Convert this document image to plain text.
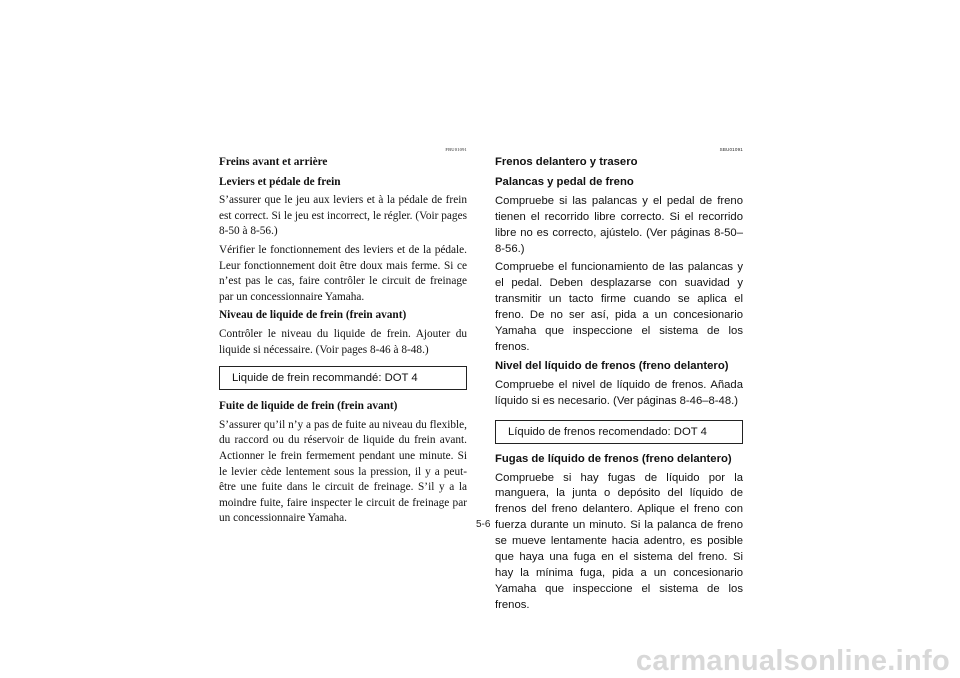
FBU01091
Freins avant et arrière
Leviers et pédale de frein

S’assurer que le jeu aux leviers et à la pédale de frein est correct. Si le jeu est incorrect, le régler. (Voir pages 8-50 à 8-56.)

Vérifier le fonctionnement des leviers et de la pédale. Leur fonctionnement doit être doux mais ferme. Si ce n’est pas le cas, faire contrôler le circuit de freinage par un concessionnaire Yamaha.

Niveau de liquide de frein (frein avant)

Contrôler le niveau du liquide de frein. Ajouter du liquide si nécessaire. (Voir pages 8-46 à 8-48.)

Liquide de frein recommandé: DOT 4
Fuite de liquide de frein (frein avant)

S’assurer qu’il n’y a pas de fuite au niveau du flexible, du raccord ou du réservoir de liquide du frein avant. Actionner le frein fermement pendant une minute. Si le levier cède lentement sous la pression, il y a peut-être une fuite dans le circuit de freinage. S’il y a la moindre fuite, faire inspecter le circuit de freinage par un concessionnaire Yamaha.

SBU01091
Frenos delantero y trasero
Palancas y pedal de freno

Compruebe si las palancas y el pedal de freno tienen el recorrido libre correcto. Si el recorrido libre no es correcto, ajústelo. (Ver páginas 8-50–8-56.)

Compruebe el funcionamiento de las palancas y el pedal. Deben desplazarse con suavidad y transmitir un tacto firme cuando se aplica el freno. De no ser así, pida a un concesionario Yamaha que inspeccione el sistema de los frenos.

Nivel del líquido de frenos (freno delantero)

Compruebe el nivel de líquido de frenos. Añada líquido si es necesario. (Ver páginas 8-46–8-48.)

Líquido de frenos recomendado: DOT 4
Fugas de líquido de frenos (freno delantero)

Compruebe si hay fugas de líquido por la manguera, la junta o depósito del líquido de frenos del freno delantero. Aplique el freno con fuerza durante un minuto. Si la palanca de freno se mueve lentamente hacia adentro, es posible que haya una fuga en el sistema del freno. Si hay la mínima fuga, pida a un concesionario Yamaha que inspeccione el sistema de los frenos.

5-6
carmanualsonline.info
